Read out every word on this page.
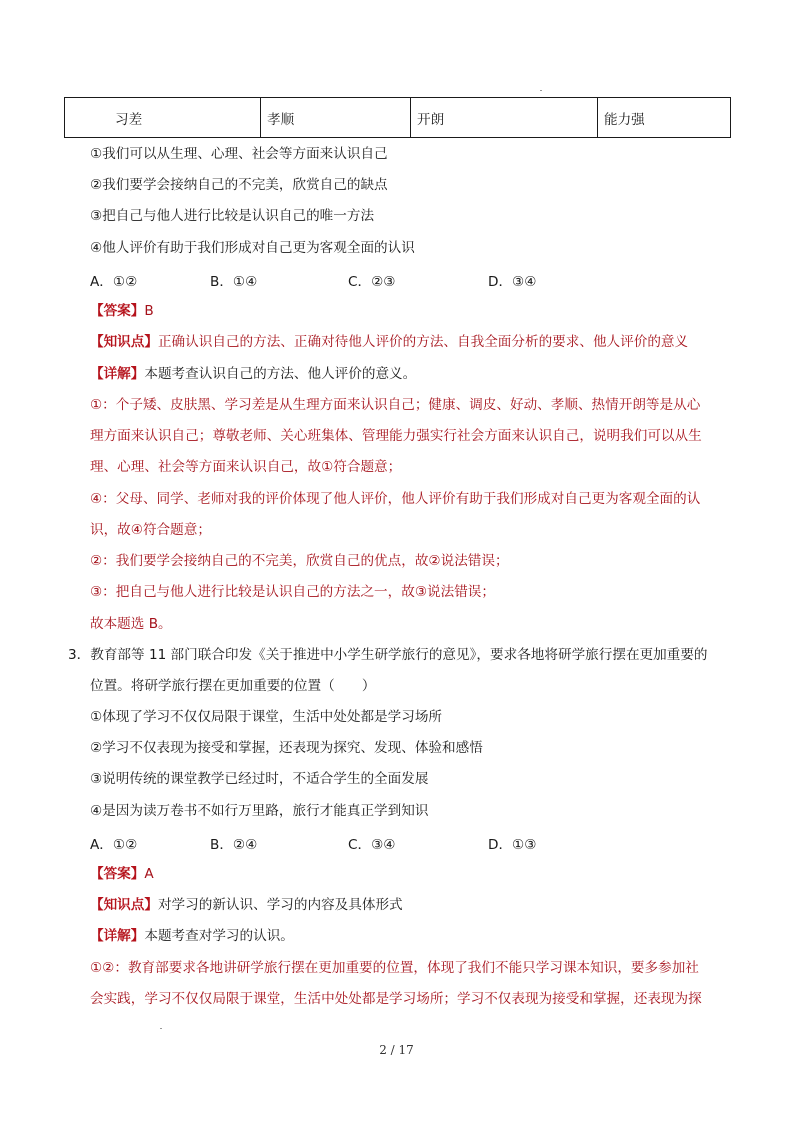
习差	孝顺	开朗	能力强
①我们可以从生理、心理、社会等方面来认识自己
②我们要学会接纳自己的不完美，欣赏自己的缺点
③把自己与他人进行比较是认识自己的唯一方法
④他人评价有助于我们形成对自己更为客观全面的认识
A．①②	B．①④	C．②③	D．③④
【答案】B
【知识点】正确认识自己的方法、正确对待他人评价的方法、自我全面分析的要求、他人评价的意义
【详解】本题考查认识自己的方法、他人评价的意义。
①：个子矮、皮肤黑、学习差是从生理方面来认识自己；健康、调皮、好动、孝顺、热情开朗等是从心
理方面来认识自己；尊敬老师、关心班集体、管理能力强实行社会方面来认识自己，说明我们可以从生
理、心理、社会等方面来认识自己，故①符合题意；
④：父母、同学、老师对我的评价体现了他人评价，他人评价有助于我们形成对自己更为客观全面的认
识，故④符合题意；
②：我们要学会接纳自己的不完美，欣赏自己的优点，故②说法错误；
③：把自己与他人进行比较是认识自己的方法之一，故③说法错误；
故本题选 B。
3．教育部等 11 部门联合印发《关于推进中小学生研学旅行的意见》，要求各地将研学旅行摆在更加重要的
位置。将研学旅行摆在更加重要的位置（　　）
①体现了学习不仅仅局限于课堂，生活中处处都是学习场所
②学习不仅表现为接受和掌握，还表现为探究、发现、体验和感悟
③说明传统的课堂教学已经过时，不适合学生的全面发展
④是因为读万卷书不如行万里路，旅行才能真正学到知识
A．①②	B．②④	C．③④	D．①③
【答案】A
【知识点】对学习的新认识、学习的内容及具体形式
【详解】本题考查对学习的认识。
①②：教育部要求各地讲研学旅行摆在更加重要的位置，体现了我们不能只学习课本知识，要多参加社
会实践，学习不仅仅局限于课堂，生活中处处都是学习场所；学习不仅表现为接受和掌握，还表现为探
2 / 17
